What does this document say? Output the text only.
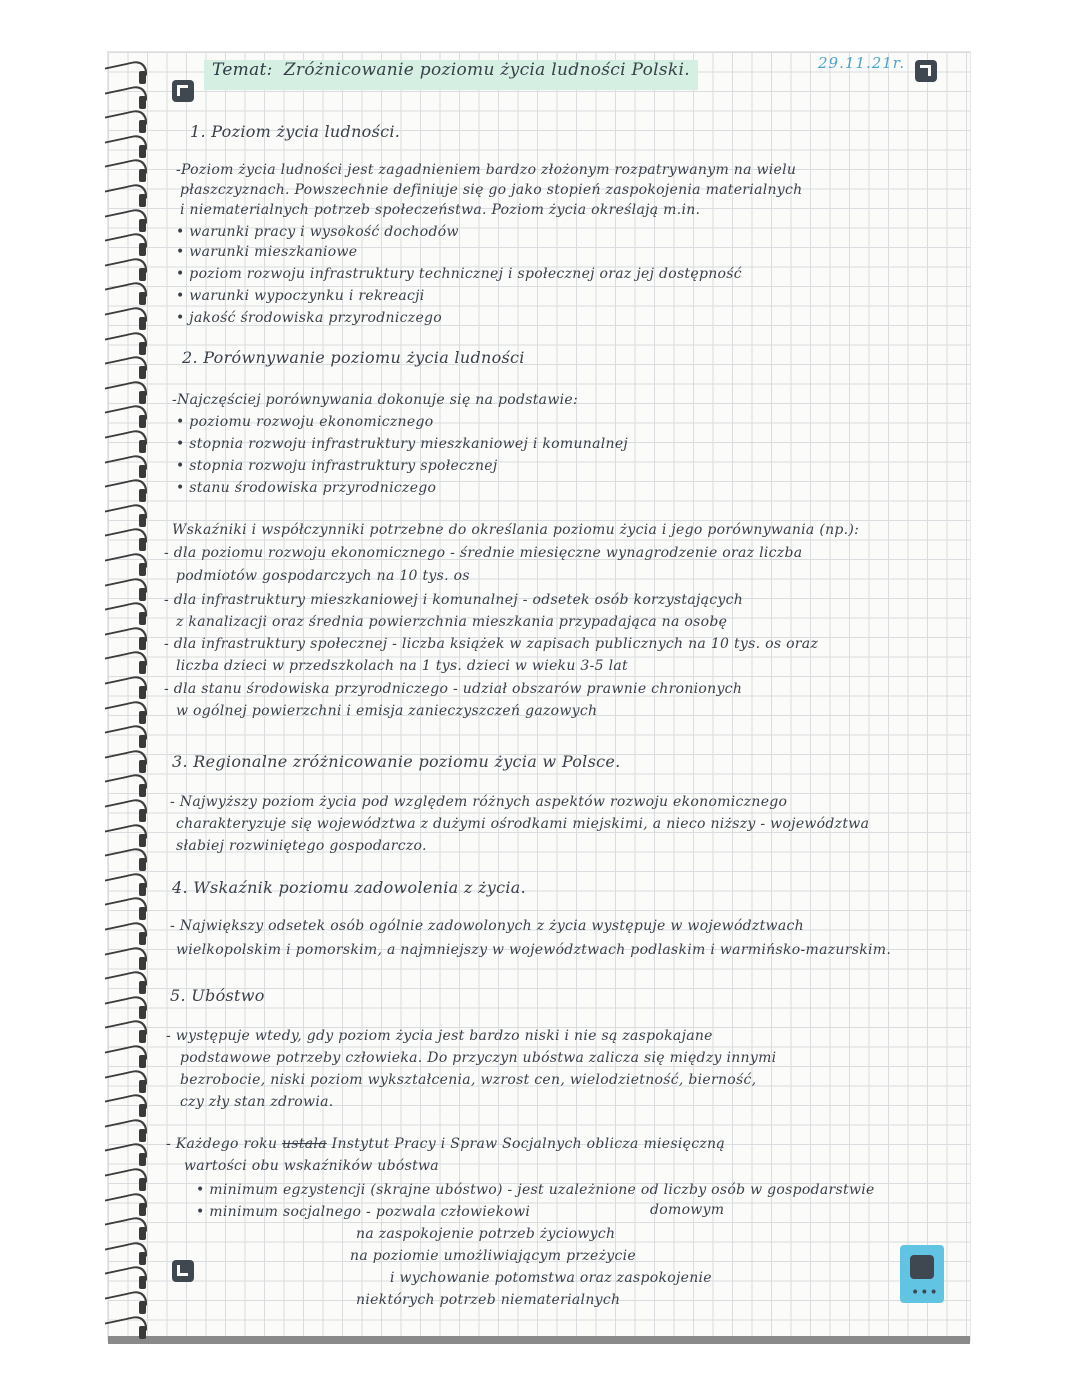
•••
29.11.21r.
Temat: Zróżnicowanie poziomu życia ludności Polski.
1. Poziom życia ludności.
-Poziom życia ludności jest zagadnieniem bardzo złożonym rozpatrywanym na wielu
płaszczyznach. Powszechnie definiuje się go jako stopień zaspokojenia materialnych
i niematerialnych potrzeb społeczeństwa. Poziom życia określają m.in.
• warunki pracy i wysokość dochodów
• warunki mieszkaniowe
• poziom rozwoju infrastruktury technicznej i społecznej oraz jej dostępność
• warunki wypoczynku i rekreacji
• jakość środowiska przyrodniczego
2. Porównywanie poziomu życia ludności
-Najczęściej porównywania dokonuje się na podstawie:
• poziomu rozwoju ekonomicznego
• stopnia rozwoju infrastruktury mieszkaniowej i komunalnej
• stopnia rozwoju infrastruktury społecznej
• stanu środowiska przyrodniczego
Wskaźniki i współczynniki potrzebne do określania poziomu życia i jego porównywania (np.):
- dla poziomu rozwoju ekonomicznego - średnie miesięczne wynagrodzenie oraz liczba
podmiotów gospodarczych na 10 tys. os
- dla infrastruktury mieszkaniowej i komunalnej - odsetek osób korzystających
z kanalizacji oraz średnia powierzchnia mieszkania przypadająca na osobę
- dla infrastruktury społecznej - liczba książek w zapisach publicznych na 10 tys. os oraz
liczba dzieci w przedszkolach na 1 tys. dzieci w wieku 3-5 lat
- dla stanu środowiska przyrodniczego - udział obszarów prawnie chronionych
w ogólnej powierzchni i emisja zanieczyszczeń gazowych
3. Regionalne zróżnicowanie poziomu życia w Polsce.
- Najwyższy poziom życia pod względem różnych aspektów rozwoju ekonomicznego
charakteryzuje się województwa z dużymi ośrodkami miejskimi, a nieco niższy - województwa
słabiej rozwiniętego gospodarczo.
4. Wskaźnik poziomu zadowolenia z życia.
- Największy odsetek osób ogólnie zadowolonych z życia występuje w województwach
wielkopolskim i pomorskim, a najmniejszy w województwach podlaskim i warmińsko-mazurskim.
5. Ubóstwo
- występuje wtedy, gdy poziom życia jest bardzo niski i nie są zaspokajane
podstawowe potrzeby człowieka. Do przyczyn ubóstwa zalicza się między innymi
bezrobocie, niski poziom wykształcenia, wzrost cen, wielodzietność, bierność,
czy zły stan zdrowia.
- Każdego roku ustala Instytut Pracy i Spraw Socjalnych oblicza miesięczną
wartości obu wskaźników ubóstwa
• minimum egzystencji (skrajne ubóstwo) - jest uzależnione od liczby osób w gospodarstwie
domowym
• minimum socjalnego - pozwala człowiekowi
na zaspokojenie potrzeb życiowych
na poziomie umożliwiającym przeżycie
i wychowanie potomstwa oraz zaspokojenie
niektórych potrzeb niematerialnych
